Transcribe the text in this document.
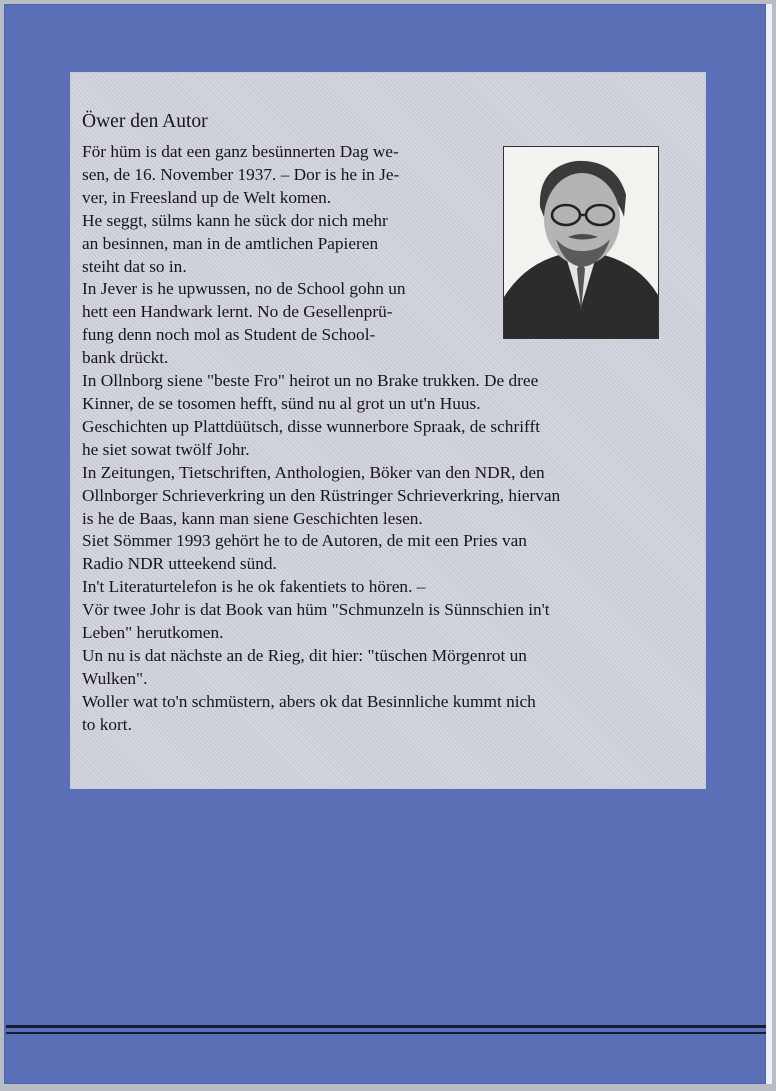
Öwer den Autor

För hüm is dat een ganz besünnerten Dag we-

sen, de 16. November 1937. – Dor is he in Je-

ver, in Freesland up de Welt komen.

He seggt, sülms kann he sück dor nich mehr

an besinnen, man in de amtlichen Papieren

steiht dat so in.

In Jever is he upwussen, no de School gohn un

hett een Handwark lernt. No de Gesellenprü-

fung denn noch mol as Student de School-

bank drückt.

In Ollnborg siene "beste Fro" heirot un no Brake trukken. De dree

Kinner, de se tosomen hefft, sünd nu al grot un ut'n Huus.

Geschichten up Plattdüütsch, disse wunnerbore Spraak, de schrifft

he siet sowat twölf Johr.

In Zeitungen, Tietschriften, Anthologien, Böker van den NDR, den

Ollnborger Schrieverkring un den Rüstringer Schrieverkring, hiervan

is he de Baas, kann man siene Geschichten lesen.

Siet Sömmer 1993 gehört he to de Autoren, de mit een Pries van

Radio NDR utteekend sünd.

In't Literaturtelefon is he ok fakentiets to hören. –

Vör twee Johr is dat Book van hüm "Schmunzeln is Sünnschien in't

Leben" herutkomen.

Un nu is dat nächste an de Rieg, dit hier: "tüschen Mörgenrot un

Wulken".

Woller wat to'n schmüstern, abers ok dat Besinnliche kummt nich

to kort.
